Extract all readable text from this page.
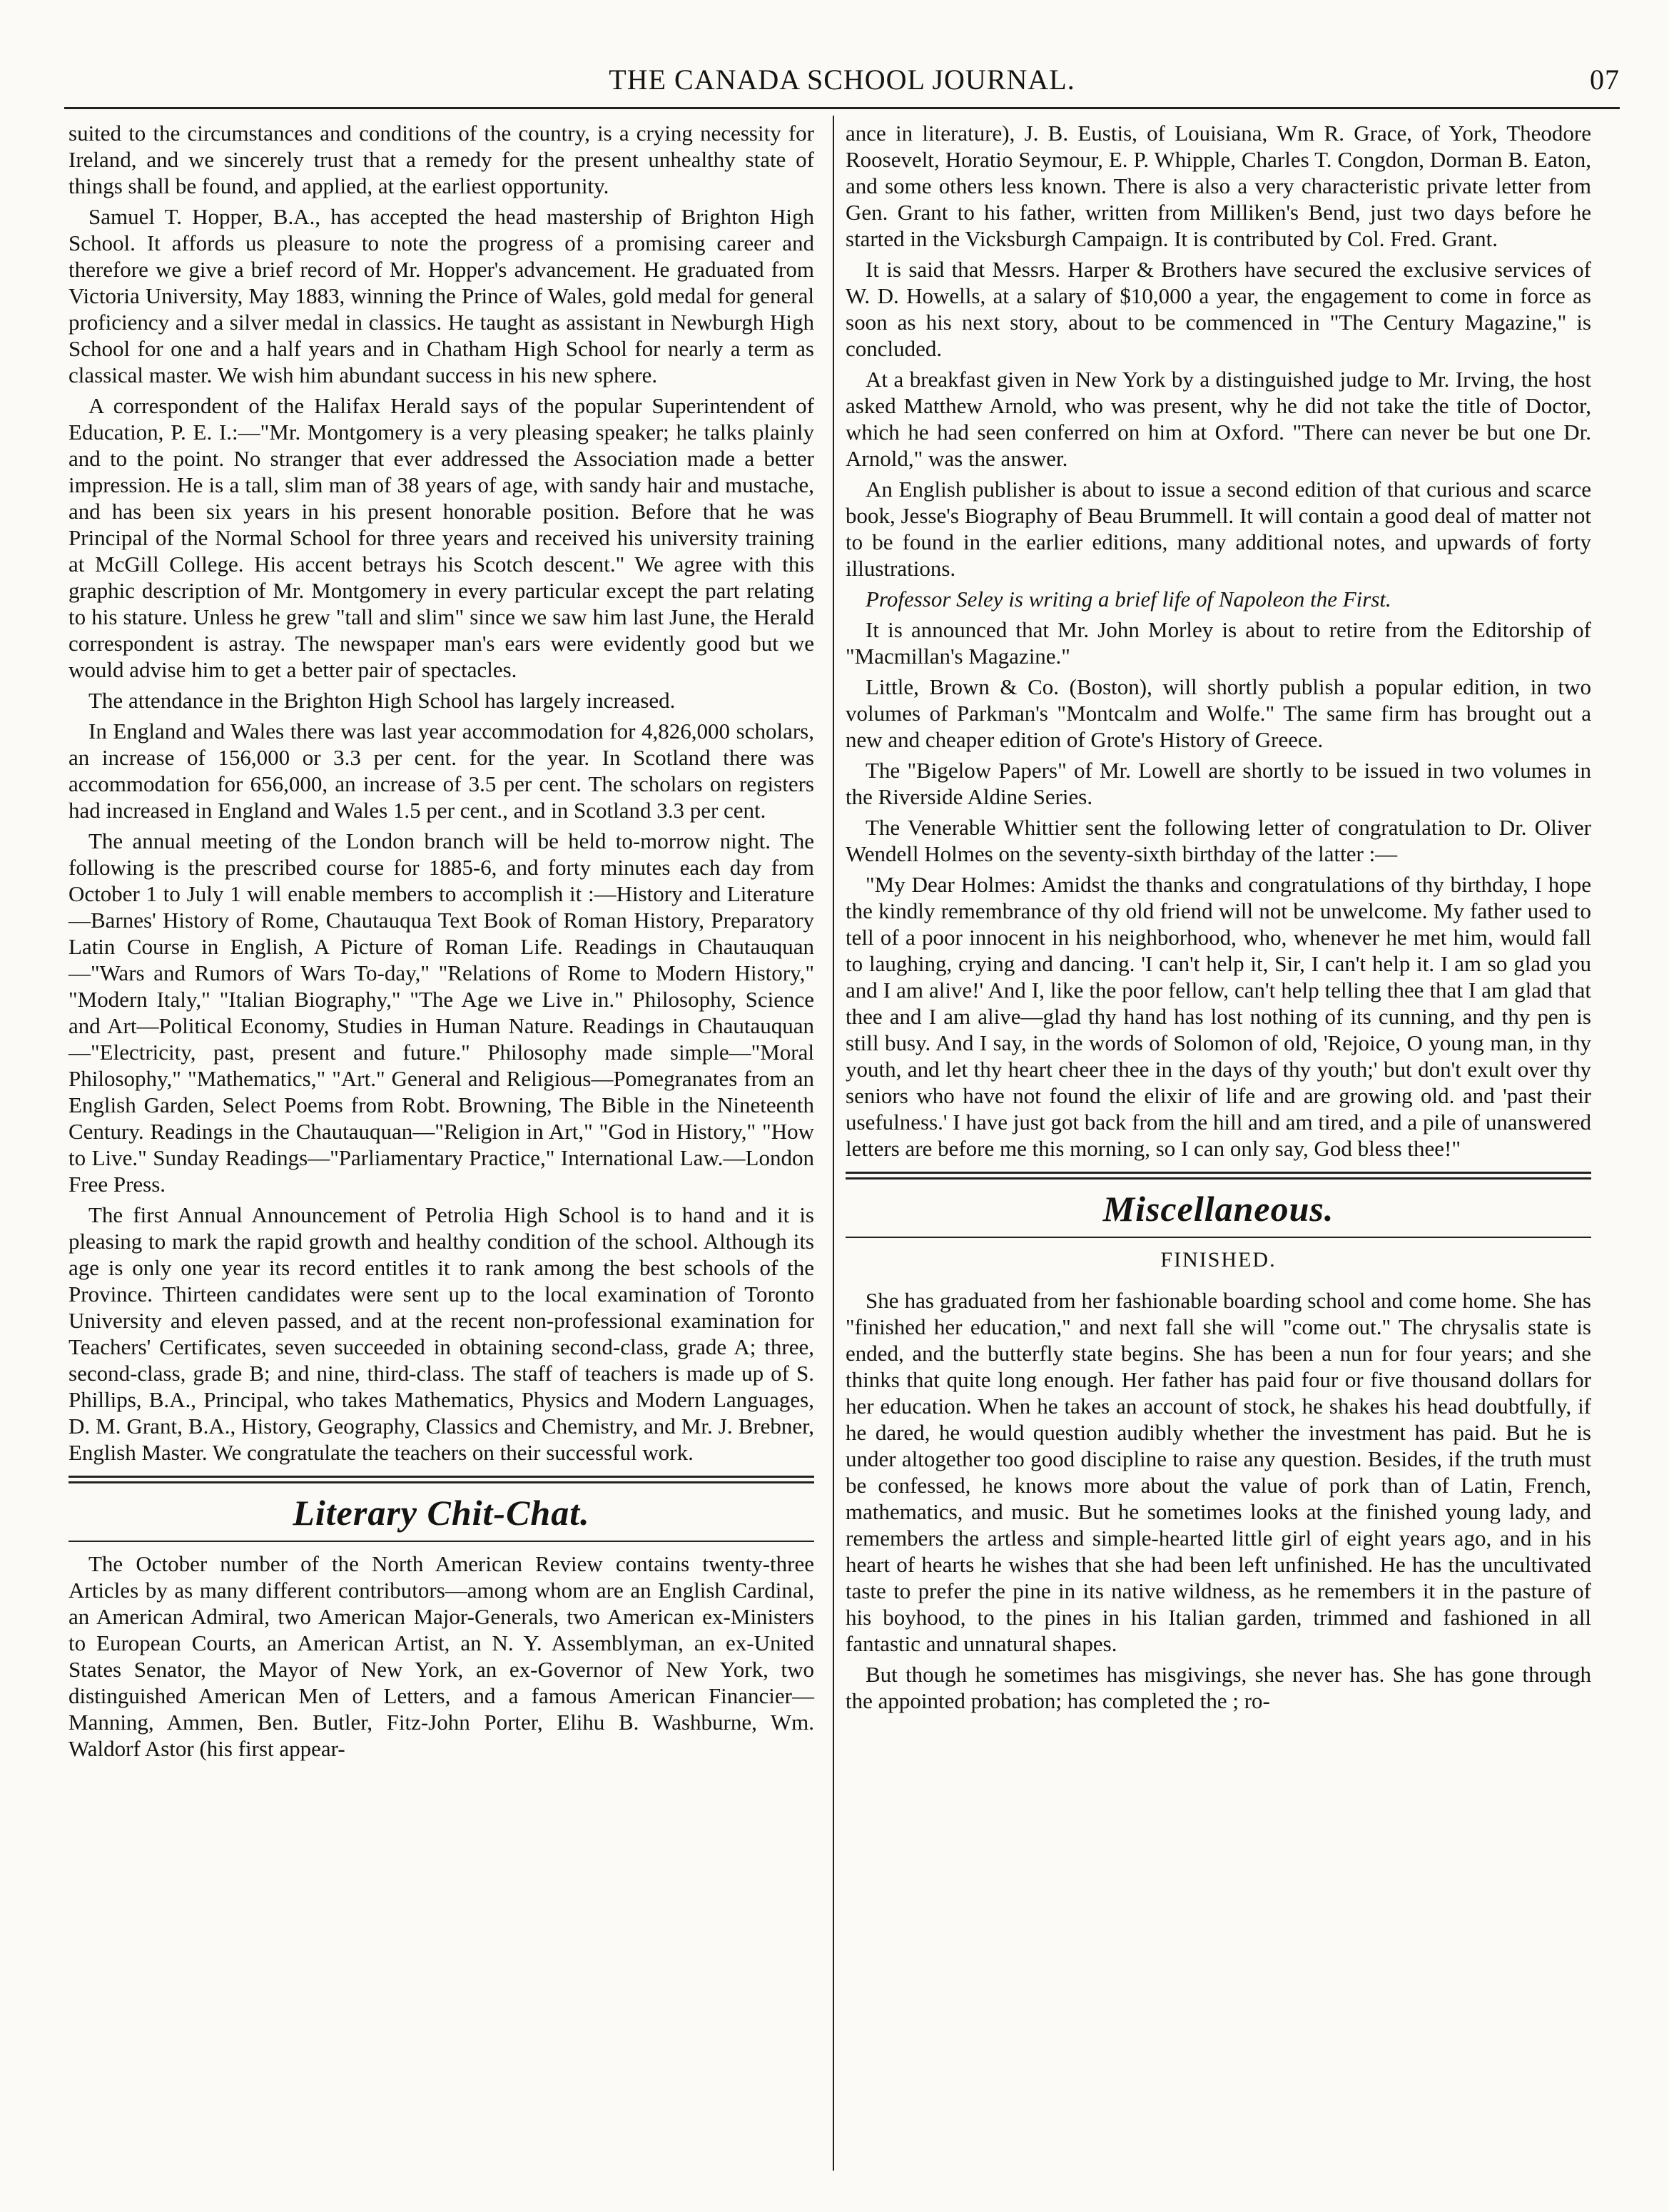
THE CANADA SCHOOL JOURNAL.	07

suited to the circumstances and conditions of the country, is a crying necessity for Ireland, and we sincerely trust that a remedy for the present unhealthy state of things shall be found, and applied, at the earliest opportunity.

Samuel T. Hopper, B.A., has accepted the head mastership of Brighton High School. It affords us pleasure to note the progress of a promising career and therefore we give a brief record of Mr. Hopper's advancement. He graduated from Victoria University, May 1883, winning the Prince of Wales, gold medal for general proficiency and a silver medal in classics. He taught as assistant in Newburgh High School for one and a half years and in Chatham High School for nearly a term as classical master. We wish him abundant success in his new sphere.

A correspondent of the Halifax Herald says of the popular Superintendent of Education, P. E. I.:—"Mr. Montgomery is a very pleasing speaker; he talks plainly and to the point. No stranger that ever addressed the Association made a better impression. He is a tall, slim man of 38 years of age, with sandy hair and mustache, and has been six years in his present honorable position. Before that he was Principal of the Normal School for three years and received his university training at McGill College. His accent betrays his Scotch descent." We agree with this graphic description of Mr. Montgomery in every particular except the part relating to his stature. Unless he grew "tall and slim" since we saw him last June, the Herald correspondent is astray. The newspaper man's ears were evidently good but we would advise him to get a better pair of spectacles.

The attendance in the Brighton High School has largely increased.

In England and Wales there was last year accommodation for 4,826,000 scholars, an increase of 156,000 or 3.3 per cent. for the year. In Scotland there was accommodation for 656,000, an increase of 3.5 per cent. The scholars on registers had increased in England and Wales 1.5 per cent., and in Scotland 3.3 per cent.

The annual meeting of the London branch will be held to-morrow night. The following is the prescribed course for 1885-6, and forty minutes each day from October 1 to July 1 will enable members to accomplish it :—History and Literature—Barnes' History of Rome, Chautauqua Text Book of Roman History, Preparatory Latin Course in English, A Picture of Roman Life. Readings in Chautauquan—"Wars and Rumors of Wars To-day," "Relations of Rome to Modern History," "Modern Italy," "Italian Biography," "The Age we Live in." Philosophy, Science and Art—Political Economy, Studies in Human Nature. Readings in Chautauquan—"Electricity, past, present and future." Philosophy made simple—"Moral Philosophy," "Mathematics," "Art." General and Religious—Pomegranates from an English Garden, Select Poems from Robt. Browning, The Bible in the Nineteenth Century. Readings in the Chautauquan—"Religion in Art," "God in History," "How to Live." Sunday Readings—"Parliamentary Practice," International Law.—London Free Press.

The first Annual Announcement of Petrolia High School is to hand and it is pleasing to mark the rapid growth and healthy condition of the school. Although its age is only one year its record entitles it to rank among the best schools of the Province. Thirteen candidates were sent up to the local examination of Toronto University and eleven passed, and at the recent non-professional examination for Teachers' Certificates, seven succeeded in obtaining second-class, grade A; three, second-class, grade B; and nine, third-class. The staff of teachers is made up of S. Phillips, B.A., Principal, who takes Mathematics, Physics and Modern Languages, D. M. Grant, B.A., History, Geography, Classics and Chemistry, and Mr. J. Brebner, English Master. We congratulate the teachers on their successful work.

Literary Chit-Chat.

The October number of the North American Review contains twenty-three Articles by as many different contributors—among whom are an English Cardinal, an American Admiral, two American Major-Generals, two American ex-Ministers to European Courts, an American Artist, an N. Y. Assemblyman, an ex-United States Senator, the Mayor of New York, an ex-Governor of New York, two distinguished American Men of Letters, and a famous American Financier—Manning, Ammen, Ben. Butler, Fitz-John Porter, Elihu B. Washburne, Wm. Waldorf Astor (his first appear-

ance in literature), J. B. Eustis, of Louisiana, Wm R. Grace, of York, Theodore Roosevelt, Horatio Seymour, E. P. Whipple, Charles T. Congdon, Dorman B. Eaton, and some others less known. There is also a very characteristic private letter from Gen. Grant to his father, written from Milliken's Bend, just two days before he started in the Vicksburgh Campaign. It is contributed by Col. Fred. Grant.

It is said that Messrs. Harper & Brothers have secured the exclusive services of W. D. Howells, at a salary of $10,000 a year, the engagement to come in force as soon as his next story, about to be commenced in "The Century Magazine," is concluded.

At a breakfast given in New York by a distinguished judge to Mr. Irving, the host asked Matthew Arnold, who was present, why he did not take the title of Doctor, which he had seen conferred on him at Oxford. "There can never be but one Dr. Arnold," was the answer.

An English publisher is about to issue a second edition of that curious and scarce book, Jesse's Biography of Beau Brummell. It will contain a good deal of matter not to be found in the earlier editions, many additional notes, and upwards of forty illustrations.

Professor Seley is writing a brief life of Napoleon the First.

It is announced that Mr. John Morley is about to retire from the Editorship of "Macmillan's Magazine."

Little, Brown & Co. (Boston), will shortly publish a popular edition, in two volumes of Parkman's "Montcalm and Wolfe." The same firm has brought out a new and cheaper edition of Grote's History of Greece.

The "Bigelow Papers" of Mr. Lowell are shortly to be issued in two volumes in the Riverside Aldine Series.

The Venerable Whittier sent the following letter of congratulation to Dr. Oliver Wendell Holmes on the seventy-sixth birthday of the latter :—

"My Dear Holmes: Amidst the thanks and congratulations of thy birthday, I hope the kindly remembrance of thy old friend will not be unwelcome. My father used to tell of a poor innocent in his neighborhood, who, whenever he met him, would fall to laughing, crying and dancing. 'I can't help it, Sir, I can't help it. I am so glad you and I am alive!' And I, like the poor fellow, can't help telling thee that I am glad that thee and I am alive—glad thy hand has lost nothing of its cunning, and thy pen is still busy. And I say, in the words of Solomon of old, 'Rejoice, O young man, in thy youth, and let thy heart cheer thee in the days of thy youth;' but don't exult over thy seniors who have not found the elixir of life and are growing old. and 'past their usefulness.' I have just got back from the hill and am tired, and a pile of unanswered letters are before me this morning, so I can only say, God bless thee!"

Miscellaneous.
FINISHED.

She has graduated from her fashionable boarding school and come home. She has "finished her education," and next fall she will "come out." The chrysalis state is ended, and the butterfly state begins. She has been a nun for four years; and she thinks that quite long enough. Her father has paid four or five thousand dollars for her education. When he takes an account of stock, he shakes his head doubtfully, if he dared, he would question audibly whether the investment has paid. But he is under altogether too good discipline to raise any question. Besides, if the truth must be confessed, he knows more about the value of pork than of Latin, French, mathematics, and music. But he sometimes looks at the finished young lady, and remembers the artless and simple-hearted little girl of eight years ago, and in his heart of hearts he wishes that she had been left unfinished. He has the uncultivated taste to prefer the pine in its native wildness, as he remembers it in the pasture of his boyhood, to the pines in his Italian garden, trimmed and fashioned in all fantastic and unnatural shapes.

But though he sometimes has misgivings, she never has. She has gone through the appointed probation; has completed the ; ro-
